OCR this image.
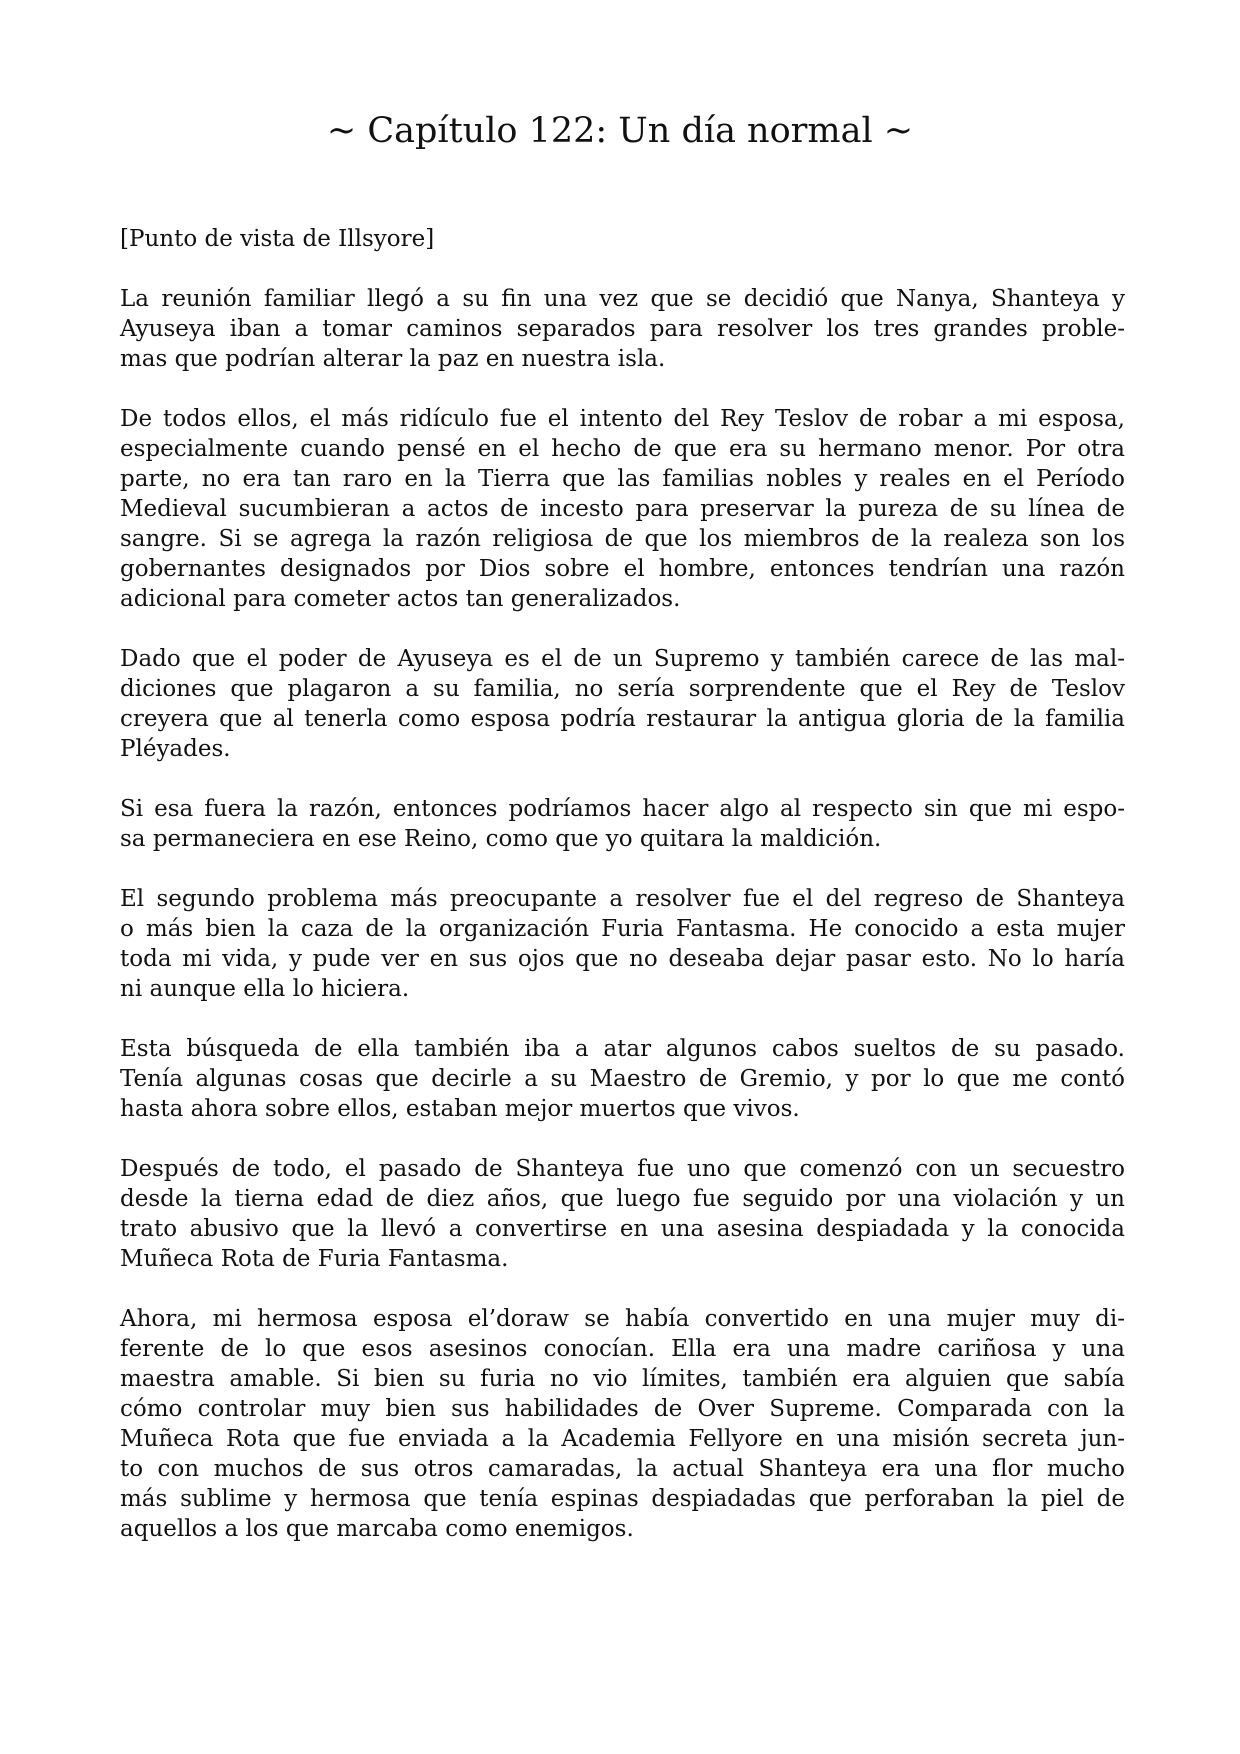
~ Capítulo 122: Un día normal ~

[Punto de vista de Illsyore]

La reunión familiar llegó a su fin una vez que se decidió que Nanya, Shanteya y
Ayuseya iban a tomar caminos separados para resolver los tres grandes proble-
mas que podrían alterar la paz en nuestra isla.

De todos ellos, el más ridículo fue el intento del Rey Teslov de robar a mi esposa,
especialmente cuando pensé en el hecho de que era su hermano menor. Por otra
parte, no era tan raro en la Tierra que las familias nobles y reales en el Período
Medieval sucumbieran a actos de incesto para preservar la pureza de su línea de
sangre. Si se agrega la razón religiosa de que los miembros de la realeza son los
gobernantes designados por Dios sobre el hombre, entonces tendrían una razón
adicional para cometer actos tan generalizados.

Dado que el poder de Ayuseya es el de un Supremo y también carece de las mal-
diciones que plagaron a su familia, no sería sorprendente que el Rey de Teslov
creyera que al tenerla como esposa podría restaurar la antigua gloria de la familia
Pléyades.

Si esa fuera la razón, entonces podríamos hacer algo al respecto sin que mi espo-
sa permaneciera en ese Reino, como que yo quitara la maldición.

El segundo problema más preocupante a resolver fue el del regreso de Shanteya
o más bien la caza de la organización Furia Fantasma. He conocido a esta mujer
toda mi vida, y pude ver en sus ojos que no deseaba dejar pasar esto. No lo haría
ni aunque ella lo hiciera.

Esta búsqueda de ella también iba a atar algunos cabos sueltos de su pasado.
Tenía algunas cosas que decirle a su Maestro de Gremio, y por lo que me contó
hasta ahora sobre ellos, estaban mejor muertos que vivos.

Después de todo, el pasado de Shanteya fue uno que comenzó con un secuestro
desde la tierna edad de diez años, que luego fue seguido por una violación y un
trato abusivo que la llevó a convertirse en una asesina despiadada y la conocida
Muñeca Rota de Furia Fantasma.

Ahora, mi hermosa esposa el’doraw se había convertido en una mujer muy di-
ferente de lo que esos asesinos conocían. Ella era una madre cariñosa y una
maestra amable. Si bien su furia no vio límites, también era alguien que sabía
cómo controlar muy bien sus habilidades de Over Supreme. Comparada con la
Muñeca Rota que fue enviada a la Academia Fellyore en una misión secreta jun-
to con muchos de sus otros camaradas, la actual Shanteya era una flor mucho
más sublime y hermosa que tenía espinas despiadadas que perforaban la piel de
aquellos a los que marcaba como enemigos.
